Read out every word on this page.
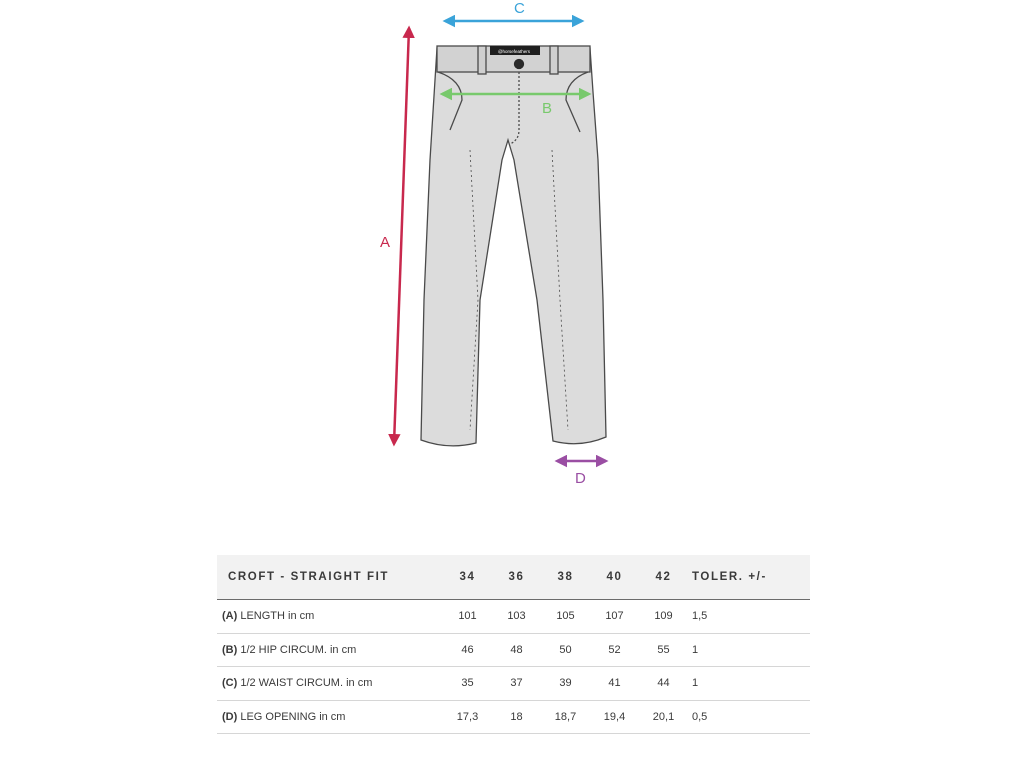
@horsefeathers
A
B
C
D
CROFT - STRAIGHT FIT	34	36	38	40	42	TOLER. +/-
(A) LENGTH in cm	101	103	105	107	109	1,5
(B) 1/2 HIP CIRCUM. in cm	46	48	50	52	55	1
(C) 1/2 WAIST CIRCUM. in cm	35	37	39	41	44	1
(D) LEG OPENING in cm	17,3	18	18,7	19,4	20,1	0,5
